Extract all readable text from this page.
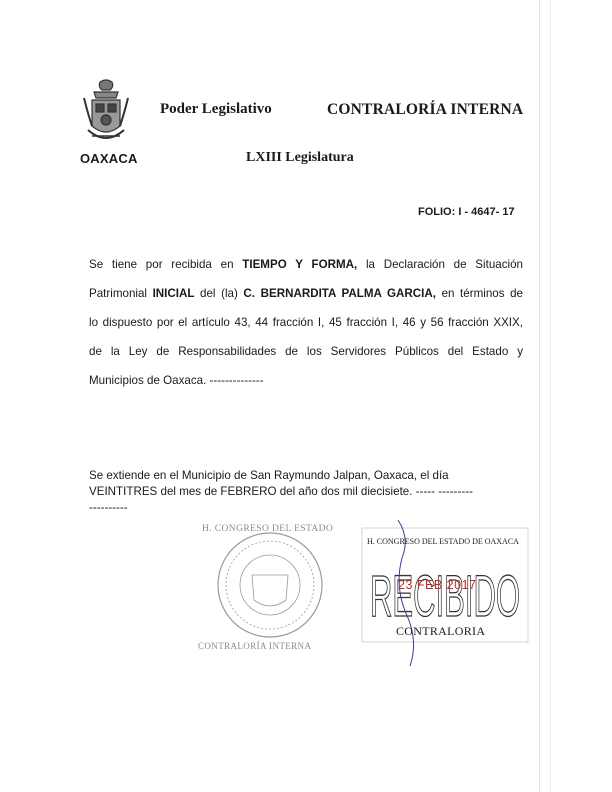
OAXACA
Poder Legislativo	CONTRALORÍA INTERNA
LXIII Legislatura
FOLIO: I - 4647- 17
Se tiene por recibida en TIEMPO Y FORMA, la Declaración de Situación
Patrimonial INICIAL del (la) C. BERNARDITA PALMA GARCIA, en términos de
lo dispuesto por el artículo 43, 44 fracción I, 45 fracción I, 46 y 56 fracción XXIX,
de la Ley de Responsabilidades de los Servidores Públicos del Estado y
Municipios de Oaxaca. --------------
Se extiende en el Municipio de San Raymundo Jalpan, Oaxaca, el día
VEINTITRES del mes de FEBRERO del año dos mil diecisiete. ----- ---------
----------
H. CONGRESO DEL ESTADO
CONTRALORÍA INTERNA
RECIBIDO
H. CONGRESO DEL ESTADO DE OAXACA
23 FEB 2017
CONTRALORIA
